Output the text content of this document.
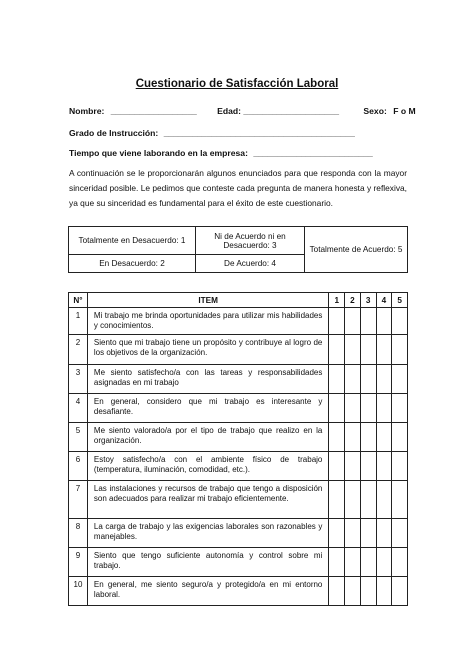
Cuestionario de Satisfacción Laboral
Nombre: __________________ Edad: ____________________	Sexo: F o M
Grado de Instrucción: ________________________________________
Tiempo que viene laborando en la empresa: _________________________
A continuación se le proporcionarán algunos enunciados para que responda con la mayor sinceridad posible. Le pedimos que conteste cada pregunta de manera honesta y reflexiva, ya que su sinceridad es fundamental para el éxito de este cuestionario.
Totalmente en Desacuerdo: 1	Ni de Acuerdo ni en Desacuerdo: 3	Totalmente de Acuerdo: 5
En Desacuerdo: 2	De Acuerdo: 4	
N°	ITEM	1	2	3	4	5
1	Mi trabajo me brinda oportunidades para utilizar mis habilidades y conocimientos.					
2	Siento que mi trabajo tiene un propósito y contribuye al logro de los objetivos de la organización.					
3	Me siento satisfecho/a con las tareas y responsabilidades asignadas en mi trabajo					
4	En general, considero que mi trabajo es interesante y desafiante.					
5	Me siento valorado/a por el tipo de trabajo que realizo en la organización.					
6	Estoy satisfecho/a con el ambiente físico de trabajo (temperatura, iluminación, comodidad, etc.).					
7	Las instalaciones y recursos de trabajo que tengo a disposición son adecuados para realizar mi trabajo eficientemente.					
8	La carga de trabajo y las exigencias laborales son razonables y manejables.					
9	Siento que tengo suficiente autonomía y control sobre mi trabajo.					
10	En general, me siento seguro/a y protegido/a en mi entorno laboral.					
